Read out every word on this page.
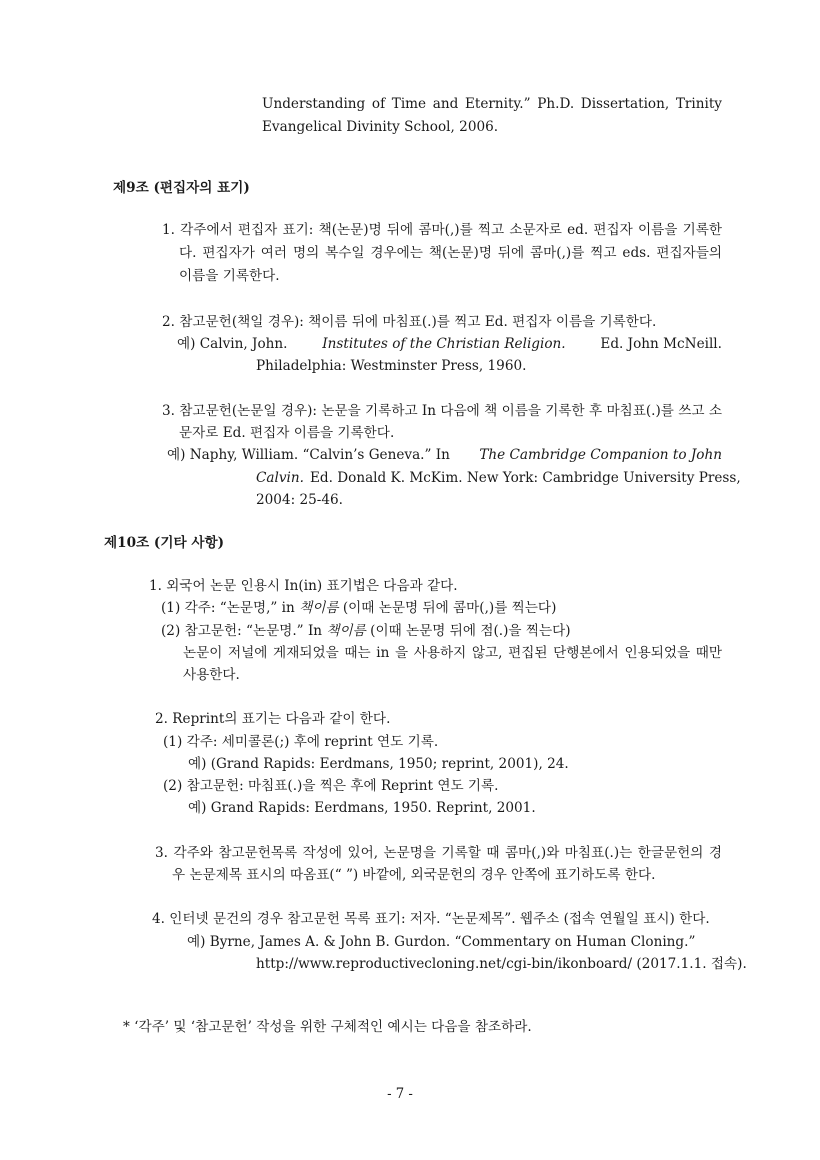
Understanding of Time and Eternity.” Ph.D. Dissertation, Trinity
Evangelical Divinity School, 2006.
제9조 (편집자의 표기)
1. 각주에서 편집자 표기: 책(논문)명 뒤에 콤마(,)를 찍고 소문자로 ed. 편집자 이름을 기록한
다. 편집자가 여러 명의 복수일 경우에는 책(논문)명 뒤에 콤마(,)를 찍고 eds. 편집자들의
이름을 기록한다.
2. 참고문헌(책일 경우): 책이름 뒤에 마침표(.)를 찍고 Ed. 편집자 이름을 기록한다.
예) Calvin, John.	Institutes of the Christian Religion.	Ed. John McNeill.
Philadelphia: Westminster Press, 1960.
3. 참고문헌(논문일 경우): 논문을 기록하고 In 다음에 책 이름을 기록한 후 마침표(.)를 쓰고 소
문자로 Ed. 편집자 이름을 기록한다.
예) Naphy, William. “Calvin’s Geneva.” In The Cambridge Companion to John
Calvin. Ed. Donald K. McKim. New York: Cambridge University Press,
2004: 25-46.
제10조 (기타 사항)
1. 외국어 논문 인용시 In(in) 표기법은 다음과 같다.
(1) 각주: “논문명,” in 책이름 (이때 논문명 뒤에 콤마(,)를 찍는다)
(2) 참고문헌: “논문명.” In 책이름 (이때 논문명 뒤에 점(.)을 찍는다)
논문이 저널에 게재되었을 때는 in 을 사용하지 않고, 편집된 단행본에서 인용되었을 때만
사용한다.
2. Reprint의 표기는 다음과 같이 한다.
(1) 각주: 세미콜론(;) 후에 reprint 연도 기록.
예) (Grand Rapids: Eerdmans, 1950; reprint, 2001), 24.
(2) 참고문헌: 마침표(.)을 찍은 후에 Reprint 연도 기록.
예) Grand Rapids: Eerdmans, 1950. Reprint, 2001.
3. 각주와 참고문헌목록 작성에 있어, 논문명을 기록할 때 콤마(,)와 마침표(.)는 한글문헌의 경
우 논문제목 표시의 따옴표(“ ”) 바깥에, 외국문헌의 경우 안쪽에 표기하도록 한다.
4. 인터넷 문건의 경우 참고문헌 목록 표기: 저자. “논문제목”. 웹주소 (접속 연월일 표시) 한다.
예) Byrne, James A. & John B. Gurdon. “Commentary on Human Cloning.”
http://www.reproductivecloning.net/cgi-bin/ikonboard/ (2017.1.1. 접속).
* ‘각주’ 및 ‘참고문헌’ 작성을 위한 구체적인 예시는 다음을 참조하라.
- 7 -
